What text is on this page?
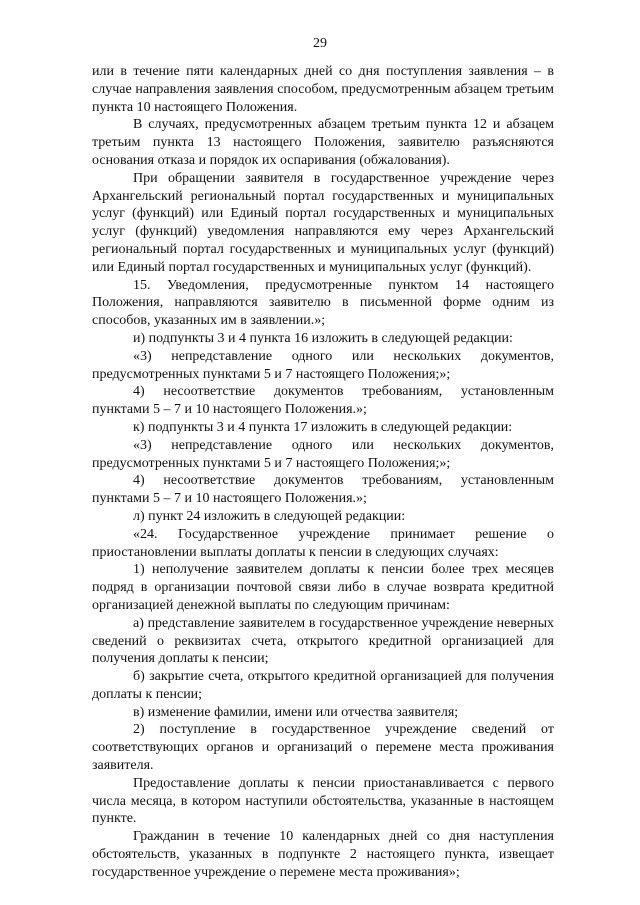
29

или в течение пяти календарных дней со дня поступления заявления – в случае направления заявления способом, предусмотренным абзацем третьим пункта 10 настоящего Положения.

В случаях, предусмотренных абзацем третьим пункта 12 и абзацем третьим пункта 13 настоящего Положения, заявителю разъясняются основания отказа и порядок их оспаривания (обжалования).

При обращении заявителя в государственное учреждение через Архангельский региональный портал государственных и муниципальных услуг (функций) или Единый портал государственных и муниципальных услуг (функций) уведомления направляются ему через Архангельский региональный портал государственных и муниципальных услуг (функций) или Единый портал государственных и муниципальных услуг (функций).

15. Уведомления, предусмотренные пунктом 14 настоящего Положения, направляются заявителю в письменной форме одним из способов, указанных им в заявлении.»;

и) подпункты 3 и 4 пункта 16 изложить в следующей редакции:

«3) непредставление одного или нескольких документов, предусмотренных пунктами 5 и 7 настоящего Положения;»;

4) несоответствие документов требованиям, установленным пунктами 5 – 7 и 10 настоящего Положения.»;

к) подпункты 3 и 4 пункта 17 изложить в следующей редакции:

«3) непредставление одного или нескольких документов, предусмотренных пунктами 5 и 7 настоящего Положения;»;

4) несоответствие документов требованиям, установленным пунктами 5 – 7 и 10 настоящего Положения.»;

л) пункт 24 изложить в следующей редакции:

«24. Государственное учреждение принимает решение о приостановлении выплаты доплаты к пенсии в следующих случаях:

1) неполучение заявителем доплаты к пенсии более трех месяцев подряд в организации почтовой связи либо в случае возврата кредитной организацией денежной выплаты по следующим причинам:

а) представление заявителем в государственное учреждение неверных сведений о реквизитах счета, открытого кредитной организацией для получения доплаты к пенсии;

б) закрытие счета, открытого кредитной организацией для получения доплаты к пенсии;

в) изменение фамилии, имени или отчества заявителя;

2) поступление в государственное учреждение сведений от соответствующих органов и организаций о перемене места проживания заявителя.

Предоставление доплаты к пенсии приостанавливается с первого числа месяца, в котором наступили обстоятельства, указанные в настоящем пункте.

Гражданин в течение 10 календарных дней со дня наступления обстоятельств, указанных в подпункте 2 настоящего пункта, извещает государственное учреждение о перемене места проживания»;
